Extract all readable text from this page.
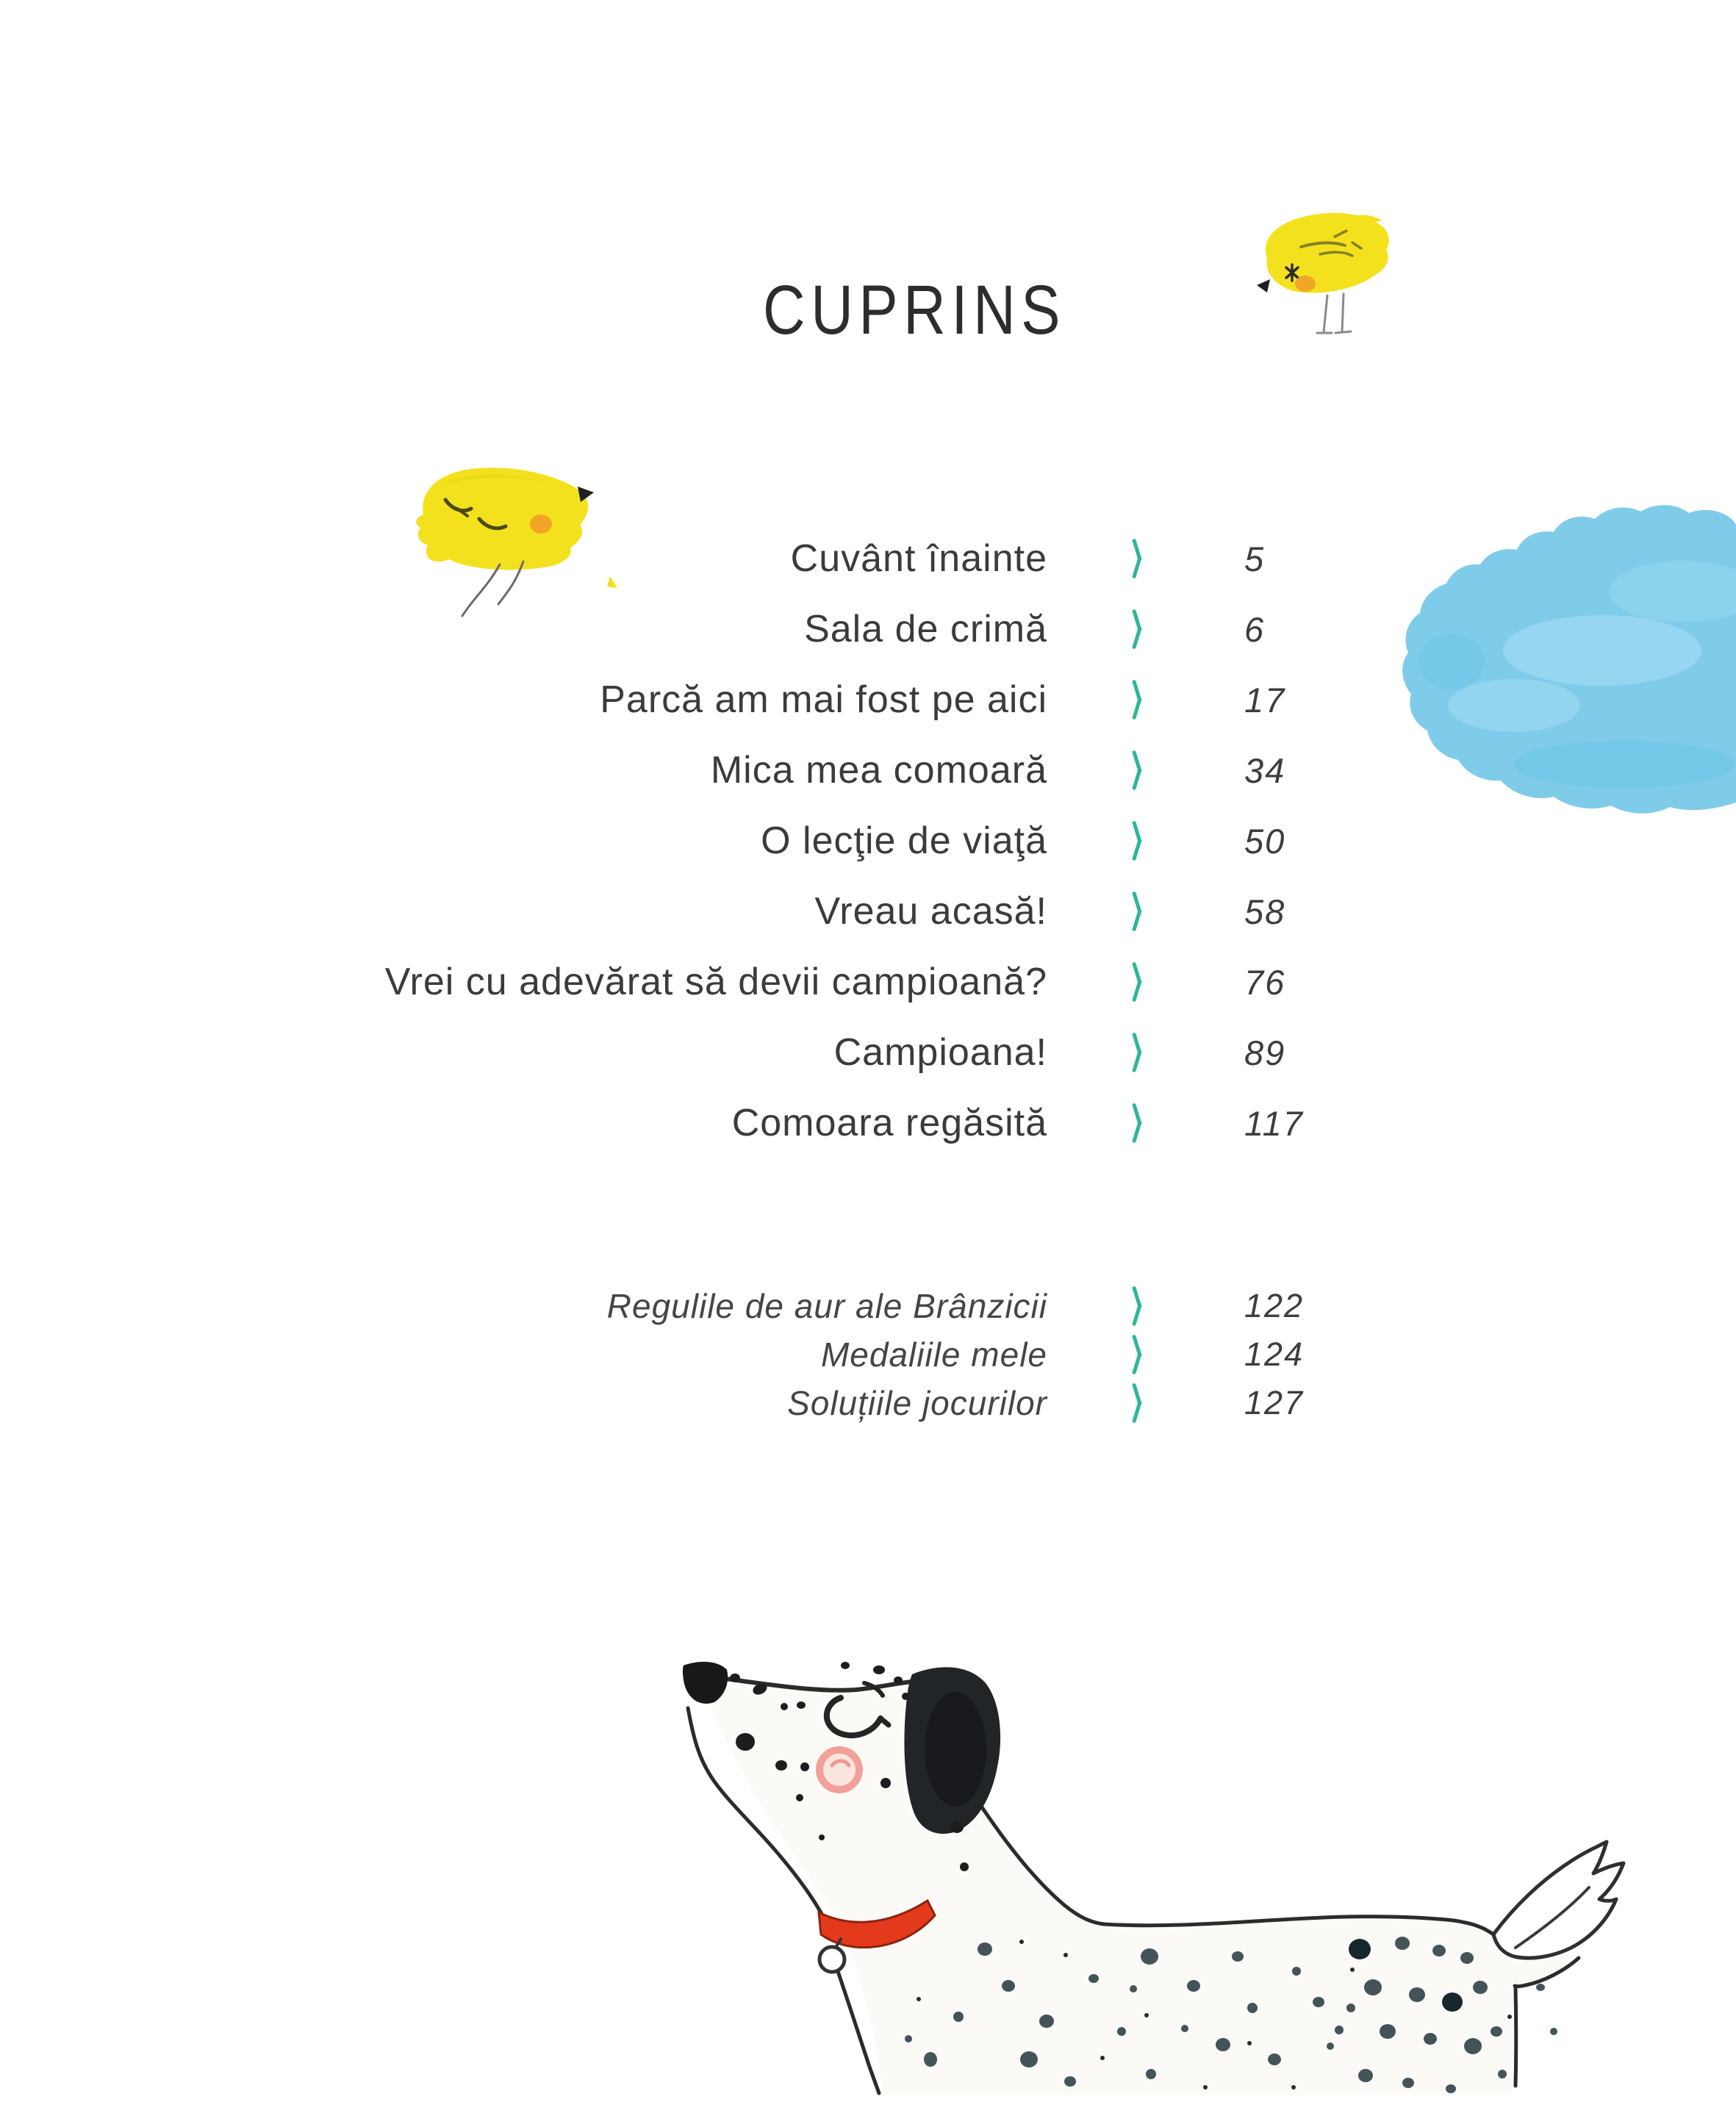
CUPRINS
Cuvânt înainte	5
Sala de crimă	6
Parcă am mai fost pe aici	17
Mica mea comoară	34
O lecţie de viaţă	50
Vreau acasă!	58
Vrei cu adevărat să devii campioană?	76
Campioana!	89
Comoara regăsită	117
Regulile de aur ale Brânzicii	122
Medaliile mele	124
Soluțiile jocurilor	127
